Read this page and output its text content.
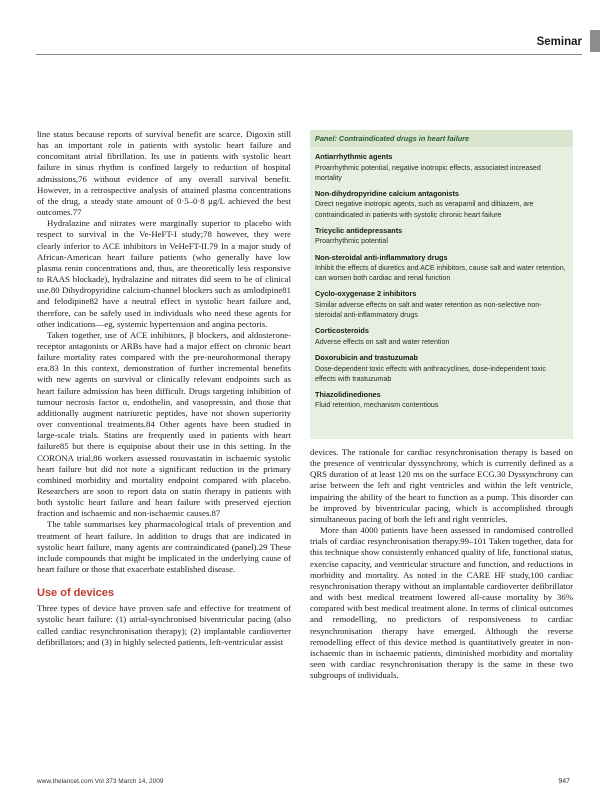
Seminar

line status because reports of survival benefit are scarce. Digoxin still has an important role in patients with systolic heart failure and concomitant atrial fibrillation. Its use in patients with systolic heart failure in sinus rhythm is confined largely to reduction of hospital admissions,76 without evidence of any overall survival benefit. However, in a retrospective analysis of attained plasma concentrations of the drug, a steady state amount of 0·5–0·8 μg/L achieved the best outcomes.77

Hydralazine and nitrates were marginally superior to placebo with respect to survival in the Ve-HeFT-I study;78 however, they were clearly inferior to ACE inhibitors in VeHeFT-II.79 In a major study of African-American heart failure patients (who generally have low plasma renin concentrations and, thus, are theoretically less responsive to RAAS blockade), hydralazine and nitrates did seem to be of clinical use.80 Dihydropyridine calcium-channel blockers such as amlodipine81 and felodipine82 have a neutral effect in systolic heart failure and, therefore, can be safely used in individuals who need these agents for other indications—eg, systemic hypertension and angina pectoris.

Taken together, use of ACE inhibitors, β blockers, and aldosterone-receptor antagonists or ARBs have had a major effect on chronic heart failure mortality rates compared with the pre-neurohormonal therapy era.83 In this context, demonstration of further incremental benefits with new agents on survival or clinically relevant endpoints such as heart failure admission has been difficult. Drugs targeting inhibition of tumour necrosis factor α, endothelin, and vasopressin, and those that additionally augment natriuretic peptides, have not shown superiority over conventional treatments.84 Other agents have been studied in large-scale trials. Statins are frequently used in patients with heart failure85 but there is equipoise about their use in this setting. In the CORONA trial,86 workers assessed rosuvastatin in ischaemic systolic heart failure but did not note a significant reduction in the primary combined morbidity and mortality endpoint compared with placebo. Researchers are soon to report data on statin therapy in patients with both systolic heart failure and heart failure with preserved ejection fraction and ischaemic and non-ischaemic causes.87

The table summarises key pharmacological trials of prevention and treatment of heart failure. In addition to drugs that are indicated in systolic heart failure, many agents are contraindicated (panel).29 These include compounds that might be implicated in the underlying cause of heart failure or those that exacerbate established disease.

Use of devices

Three types of device have proven safe and effective for treatment of systolic heart failure: (1) atrial-synchronised biventricular pacing (also called cardiac resynchronisation therapy); (2) implantable cardioverter defibrillators; and (3) in highly selected patients, left-ventricular assist

Panel: Contraindicated drugs in heart failure
Antiarrhythmic agents

Proarrhythmic potential, negative inotropic effects, associated increased mortality

Non-dihydropyridine calcium antagonists

Direct negative inotropic agents, such as verapamil and diltiazem, are contraindicated in patients with systolic chronic heart failure

Tricyclic antidepressants

Proarrhythmic potential

Non-steroidal anti-inflammatory drugs

Inhibit the effects of diuretics and ACE inhibitors, cause salt and water retention, can worsen both cardiac and renal function

Cyclo-oxygenase 2 inhibitors

Similar adverse effects on salt and water retention as non-selective non-steroidal anti-inflammatory drugs

Corticosteroids

Adverse effects on salt and water retention

Doxorubicin and trastuzumab

Dose-dependent toxic effects with anthracyclines, dose-independent toxic effects with trastuzumab

Thiazolidinediones

Fluid retention, mechanism contentious

devices. The rationale for cardiac resynchronisation therapy is based on the presence of ventricular dyssynchrony, which is currently defined as a QRS duration of at least 120 ms on the surface ECG.30 Dyssynchrony can arise between the left and right ventricles and within the left ventricle, impairing the ability of the heart to function as a pump. This disorder can be improved by biventricular pacing, which is accomplished through simultaneous pacing of both the left and right ventricles.

More than 4000 patients have been assessed in randomised controlled trials of cardiac resynchronisation therapy.99–101 Taken together, data for this technique show consistently enhanced quality of life, functional status, exercise capacity, and ventricular structure and function, and reductions in morbidity and mortality. As noted in the CARE HF study,100 cardiac resynchronisation therapy without an implantable cardioverter defibrillator and with best medical treatment lowered all-cause mortality by 36% compared with best medical treatment alone. In terms of clinical outcomes and remodelling, no predictors of responsiveness to cardiac resynchronisation therapy have emerged. Although the reverse remodelling effect of this device method is quantitatively greater in non-ischaemic than in ischaemic patients, diminished morbidity and mortality seen with cardiac resynchronisation therapy is the same in these two subgroups of individuals.

www.thelancet.com Vol 373 March 14, 2009	947
